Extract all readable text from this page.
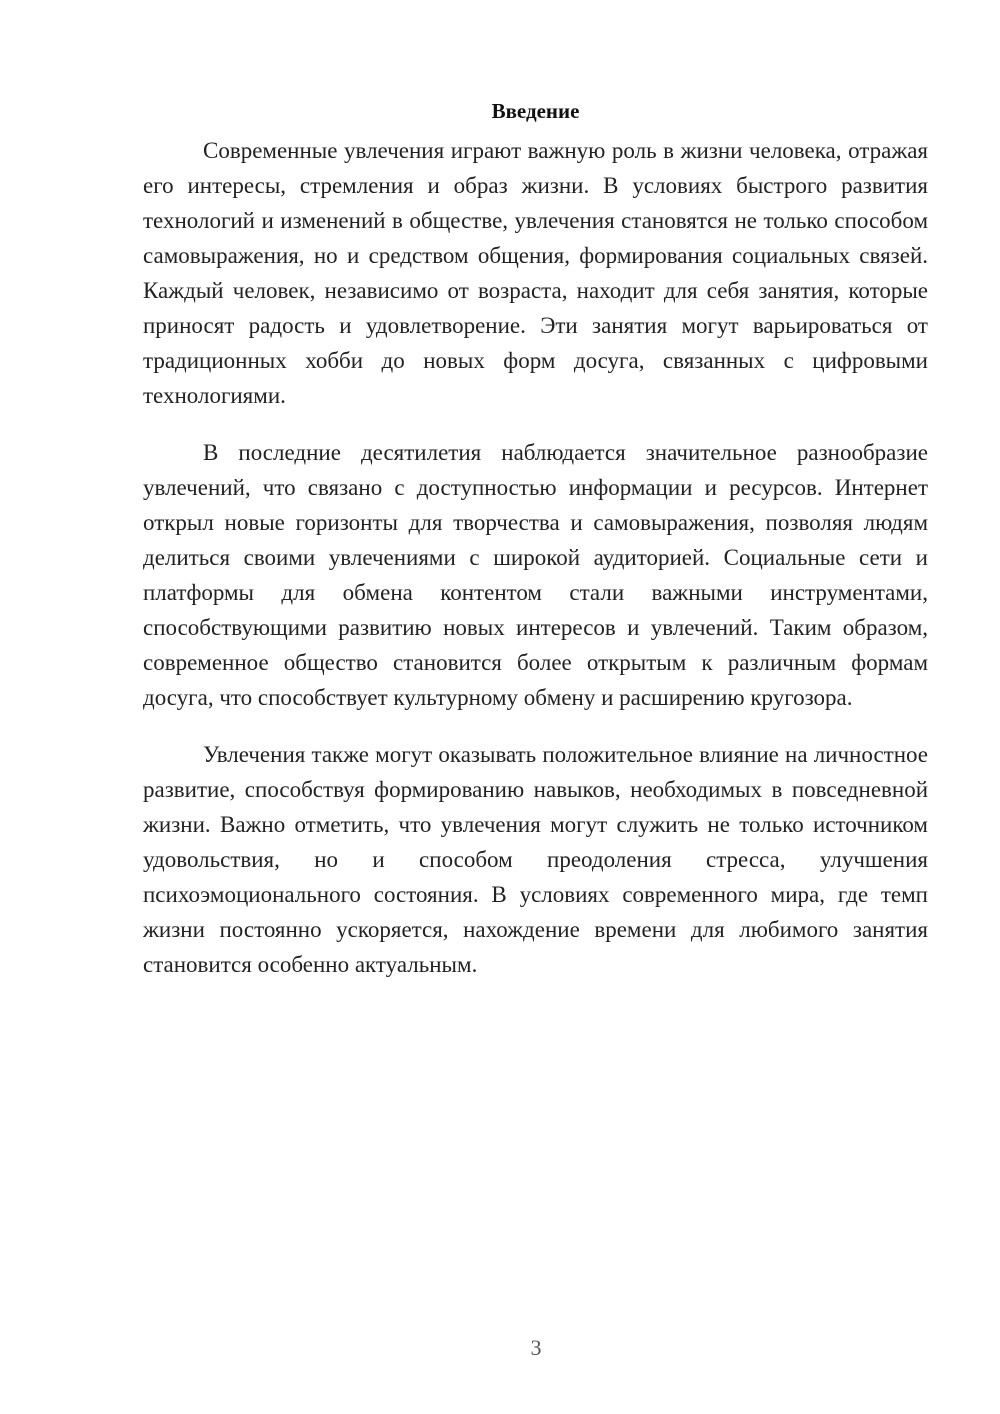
Введение

Современные увлечения играют важную роль в жизни человека, отражая его интересы, стремления и образ жизни. В условиях быстрого развития технологий и изменений в обществе, увлечения становятся не только способом самовыражения, но и средством общения, формирования социальных связей. Каждый человек, независимо от возраста, находит для себя занятия, которые приносят радость и удовлетворение. Эти занятия могут варьироваться от традиционных хобби до новых форм досуга, связанных с цифровыми технологиями.

В последние десятилетия наблюдается значительное разнообразие увлечений, что связано с доступностью информации и ресурсов. Интернет открыл новые горизонты для творчества и самовыражения, позволяя людям делиться своими увлечениями с широкой аудиторией. Социальные сети и платформы для обмена контентом стали важными инструментами, способствующими развитию новых интересов и увлечений. Таким образом, современное общество становится более открытым к различным формам досуга, что способствует культурному обмену и расширению кругозора.

Увлечения также могут оказывать положительное влияние на личностное развитие, способствуя формированию навыков, необходимых в повседневной жизни. Важно отметить, что увлечения могут служить не только источником удовольствия, но и способом преодоления стресса, улучшения психоэмоционального состояния. В условиях современного мира, где темп жизни постоянно ускоряется, нахождение времени для любимого занятия становится особенно актуальным.

3
